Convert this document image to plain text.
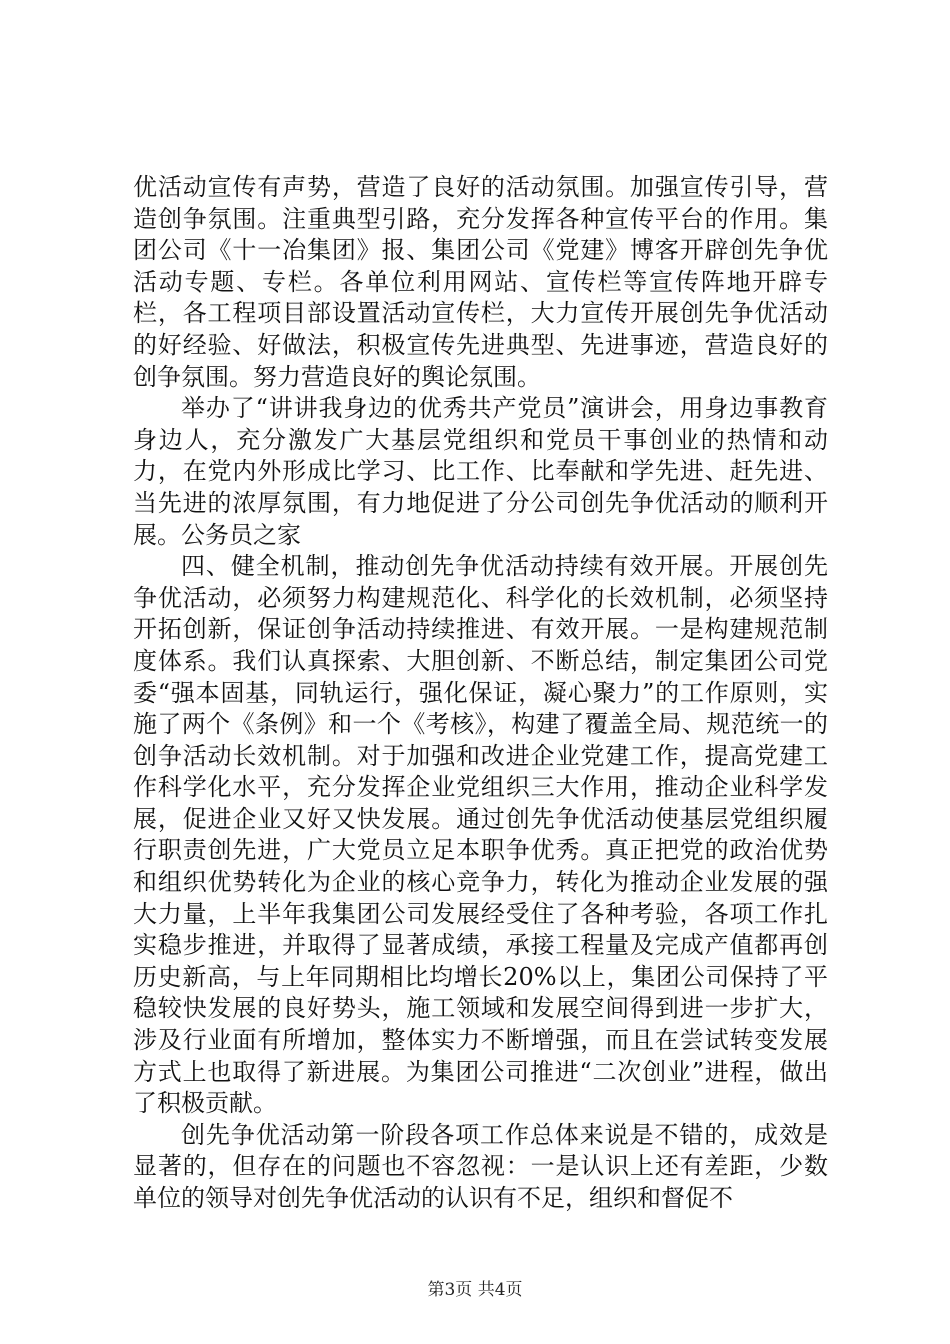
优活动宣传有声势，营造了良好的活动氛围。加强宣传引导，营造创争氛围。注重典型引路，充分发挥各种宣传平台的作用。集团公司《十一冶集团》报、集团公司《党建》博客开辟创先争优活动专题、专栏。各单位利用网站、宣传栏等宣传阵地开辟专栏，各工程项目部设置活动宣传栏，大力宣传开展创先争优活动的好经验、好做法，积极宣传先进典型、先进事迹，营造良好的创争氛围。努力营造良好的舆论氛围。

举办了“讲讲我身边的优秀共产党员”演讲会，用身边事教育身边人，充分激发广大基层党组织和党员干事创业的热情和动力，在党内外形成比学习、比工作、比奉献和学先进、赶先进、当先进的浓厚氛围，有力地促进了分公司创先争优活动的顺利开展。公务员之家

四、健全机制，推动创先争优活动持续有效开展。开展创先争优活动，必须努力构建规范化、科学化的长效机制，必须坚持开拓创新，保证创争活动持续推进、有效开展。一是构建规范制度体系。我们认真探索、大胆创新、不断总结，制定集团公司党委“强本固基，同轨运行，强化保证，凝心聚力”的工作原则，实施了两个《条例》和一个《考核》，构建了覆盖全局、规范统一的创争活动长效机制。对于加强和改进企业党建工作，提高党建工作科学化水平，充分发挥企业党组织三大作用，推动企业科学发展，促进企业又好又快发展。通过创先争优活动使基层党组织履行职责创先进，广大党员立足本职争优秀。真正把党的政治优势和组织优势转化为企业的核心竞争力，转化为推动企业发展的强大力量，上半年我集团公司发展经受住了各种考验，各项工作扎实稳步推进，并取得了显著成绩，承接工程量及完成产值都再创历史新高，与上年同期相比均增长20%以上，集团公司保持了平稳较快发展的良好势头，施工领域和发展空间得到进一步扩大，涉及行业面有所增加，整体实力不断增强，而且在尝试转变发展方式上也取得了新进展。为集团公司推进“二次创业”进程，做出了积极贡献。

创先争优活动第一阶段各项工作总体来说是不错的，成效是显著的，但存在的问题也不容忽视：一是认识上还有差距，少数单位的领导对创先争优活动的认识有不足，组织和督促不

第3页 共4页
